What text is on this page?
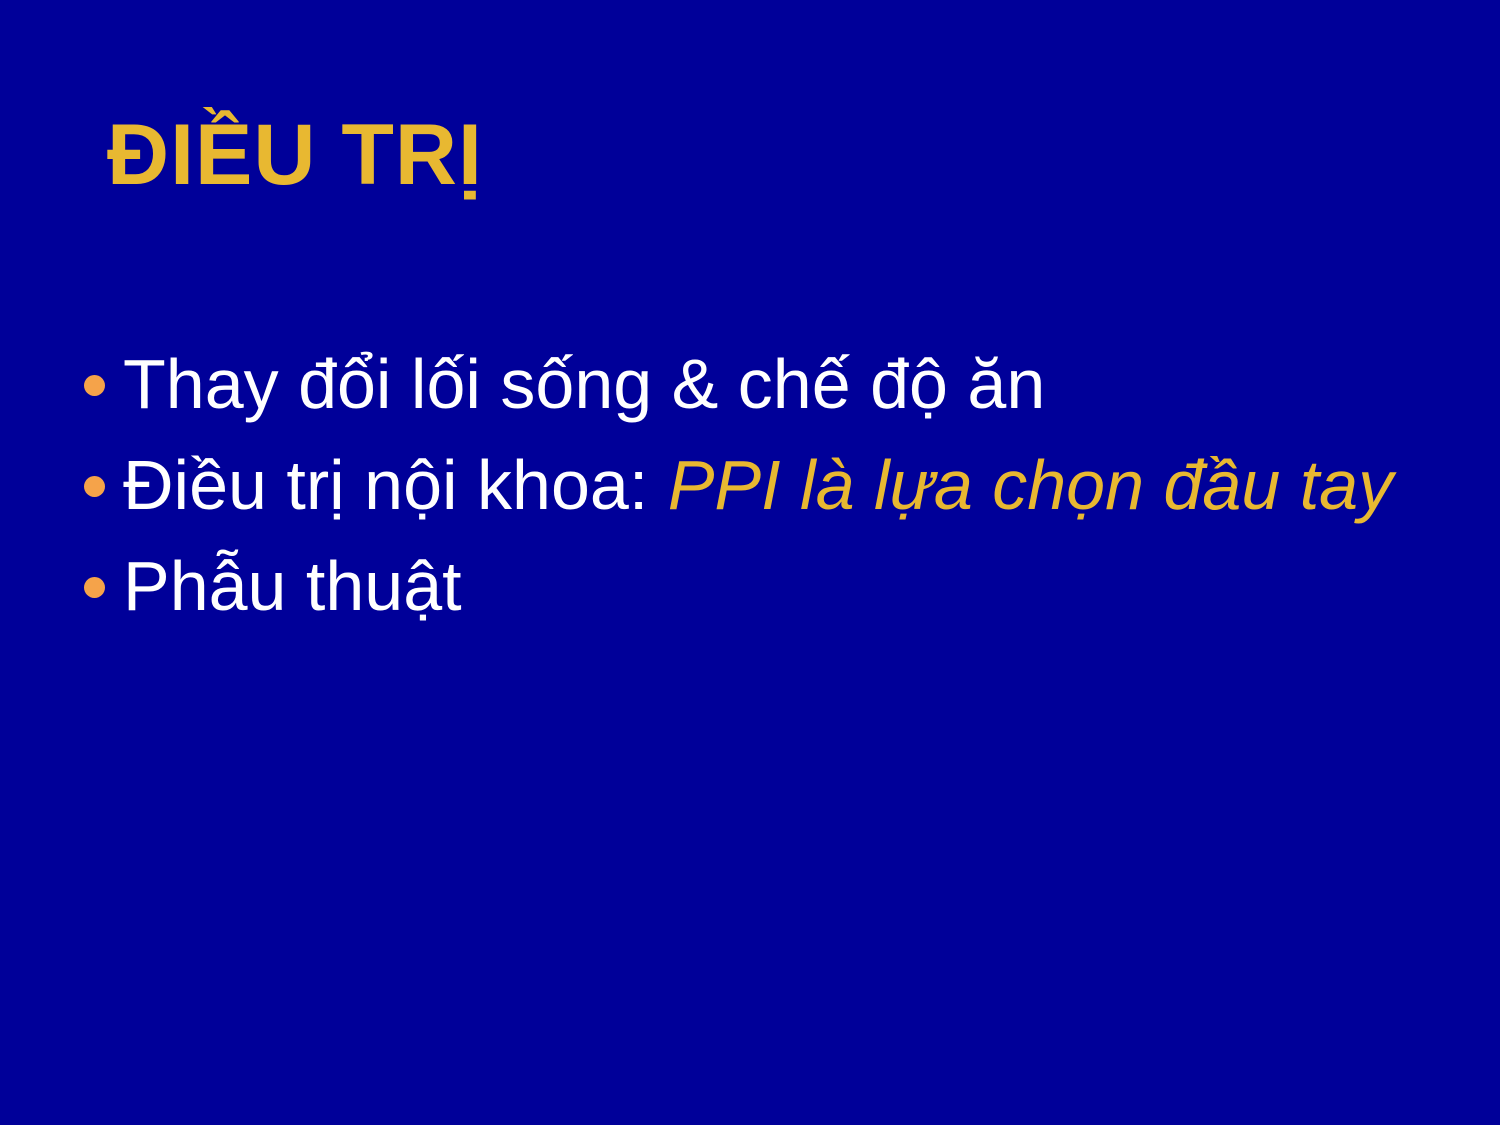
ĐIỀU TRỊ
Thay đổi lối sống & chế độ ăn
Điều trị nội khoa: PPI là lựa chọn đầu tay
Phẫu thuật
